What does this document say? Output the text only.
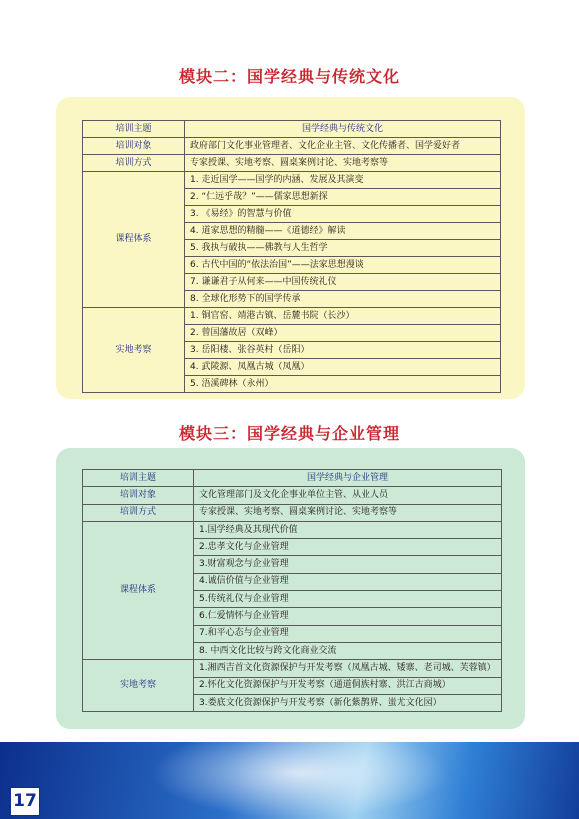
模块二：国学经典与传统文化
培训主题	国学经典与传统文化
培训对象	政府部门文化事业管理者、文化企业主管、文化传播者、国学爱好者
培训方式	专家授课、实地考察、圆桌案例讨论、实地考察等
课程体系	1. 走近国学——国学的内涵、发展及其演变
	2. “仁远乎哉？”——儒家思想新探
	3. 《易经》的智慧与价值
	4. 道家思想的精髓——《道德经》解读
	5. 我执与破执——佛教与人生哲学
	6. 古代中国的“依法治国”——法家思想漫谈
	7. 谦谦君子从何来——中国传统礼仪
	8. 全球化形势下的国学传承
实地考察	1. 铜官窑、靖港古镇、岳麓书院（长沙）
	2. 曾国藩故居（双峰）
	3. 岳阳楼、张谷英村（岳阳）
	4. 武陵源、凤凰古城（凤凰）
	5. 浯溪碑林（永州）
模块三：国学经典与企业管理
培训主题	国学经典与企业管理
培训对象	文化管理部门及文化企事业单位主管、从业人员
培训方式	专家授课、实地考察、圆桌案例讨论、实地考察等
课程体系	1.国学经典及其现代价值
	2.忠孝文化与企业管理
	3.财富观念与企业管理
	4.诚信价值与企业管理
	5.传统礼仪与企业管理
	6.仁爱情怀与企业管理
	7.和平心态与企业管理
	8. 中西文化比较与跨文化商业交流
实地考察	1.湘西吉首文化资源保护与开发考察（凤凰古城、矮寨、老司城、芙蓉镇）
	2.怀化文化资源保护与开发考察（通道侗族村寨、洪江古商城）
	3.娄底文化资源保护与开发考察（新化紫鹊界、蚩尤文化园）
17
